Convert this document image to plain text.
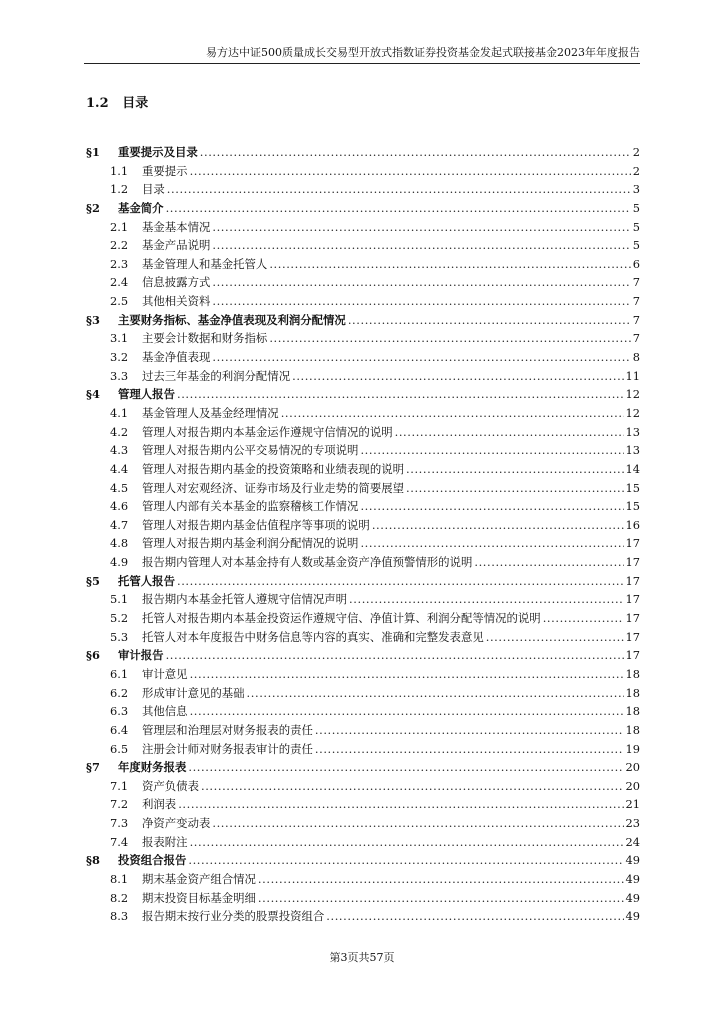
易方达中证500质量成长交易型开放式指数证券投资基金发起式联接基金2023年年度报告
1.2 目录
§1	重要提示及目录 .....	2
1.1	重要提示 .....	2
1.2	目录 .....	3
§2	基金简介 .....	5
2.1	基金基本情况 .....	5
2.2	基金产品说明 .....	5
2.3	基金管理人和基金托管人 .....	6
2.4	信息披露方式 .....	7
2.5	其他相关资料 .....	7
§3	主要财务指标、基金净值表现及利润分配情况 .....	7
3.1	主要会计数据和财务指标 .....	7
3.2	基金净值表现 .....	8
3.3	过去三年基金的利润分配情况 .....	11
§4	管理人报告 .....	12
4.1	基金管理人及基金经理情况 .....	12
4.2	管理人对报告期内本基金运作遵规守信情况的说明 .....	13
4.3	管理人对报告期内公平交易情况的专项说明 .....	13
4.4	管理人对报告期内基金的投资策略和业绩表现的说明 .....	14
4.5	管理人对宏观经济、证券市场及行业走势的简要展望 .....	15
4.6	管理人内部有关本基金的监察稽核工作情况 .....	15
4.7	管理人对报告期内基金估值程序等事项的说明 .....	16
4.8	管理人对报告期内基金利润分配情况的说明 .....	17
4.9	报告期内管理人对本基金持有人数或基金资产净值预警情形的说明 .....	17
§5	托管人报告 .....	17
5.1	报告期内本基金托管人遵规守信情况声明 .....	17
5.2	托管人对报告期内本基金投资运作遵规守信、净值计算、利润分配等情况的说明 .....	17
5.3	托管人对本年度报告中财务信息等内容的真实、准确和完整发表意见 .....	17
§6	审计报告 .....	17
6.1	审计意见 .....	18
6.2	形成审计意见的基础 .....	18
6.3	其他信息 .....	18
6.4	管理层和治理层对财务报表的责任 .....	18
6.5	注册会计师对财务报表审计的责任 .....	19
§7	年度财务报表 .....	20
7.1	资产负债表 .....	20
7.2	利润表 .....	21
7.3	净资产变动表 .....	23
7.4	报表附注 .....	24
§8	投资组合报告 .....	49
8.1	期末基金资产组合情况 .....	49
8.2	期末投资目标基金明细 .....	49
8.3	报告期末按行业分类的股票投资组合 .....	49
第3页共57页
